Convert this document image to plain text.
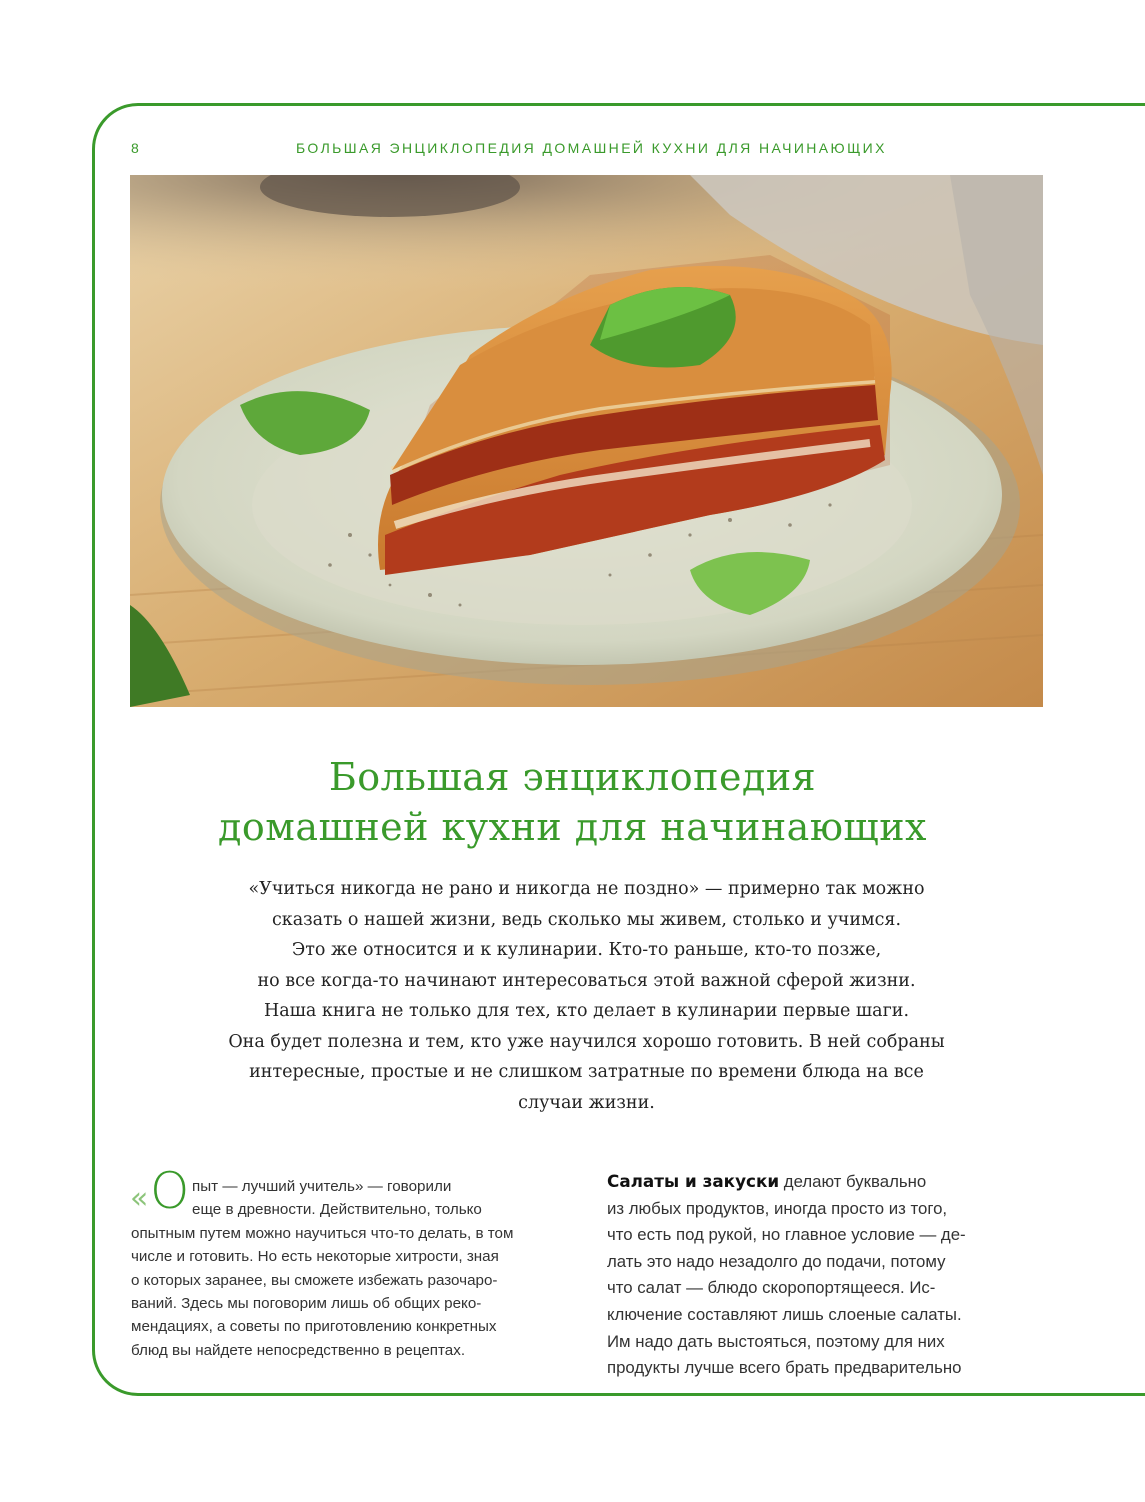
8	БОЛЬШАЯ ЭНЦИКЛОПЕДИЯ ДОМАШНЕЙ КУХНИ ДЛЯ НАЧИНАЮЩИХ
Большая энциклопедия
домашней кухни для начинающих
«Учиться никогда не рано и никогда не поздно» — примерно так можно
сказать о нашей жизни, ведь сколько мы живем, столько и учимся.
Это же относится и к кулинарии. Кто-то раньше, кто-то позже,
но все когда-то начинают интересоваться этой важной сферой жизни.
Наша книга не только для тех, кто делает в кулинарии первые шаги.
Она будет полезна и тем, кто уже научился хорошо готовить. В ней собраны
интересные, простые и не слишком затратные по времени блюда на все
случаи жизни.
« О пыт — лучший учитель» — говорили
еще в древности. Действительно, только
опытным путем можно научиться что-то делать, в том
числе и готовить. Но есть некоторые хитрости, зная
о которых заранее, вы сможете избежать разочаро-
ваний. Здесь мы поговорим лишь об общих реко-
мендациях, а советы по приготовлению конкретных
блюд вы найдете непосредственно в рецептах.
Салаты и закуски делают буквально
из любых продуктов, иногда просто из того,
что есть под рукой, но главное условие — де-
лать это надо незадолго до подачи, потому
что салат — блюдо скоропортящееся. Ис-
ключение составляют лишь слоеные салаты.
Им надо дать выстояться, поэтому для них
продукты лучше всего брать предварительно
